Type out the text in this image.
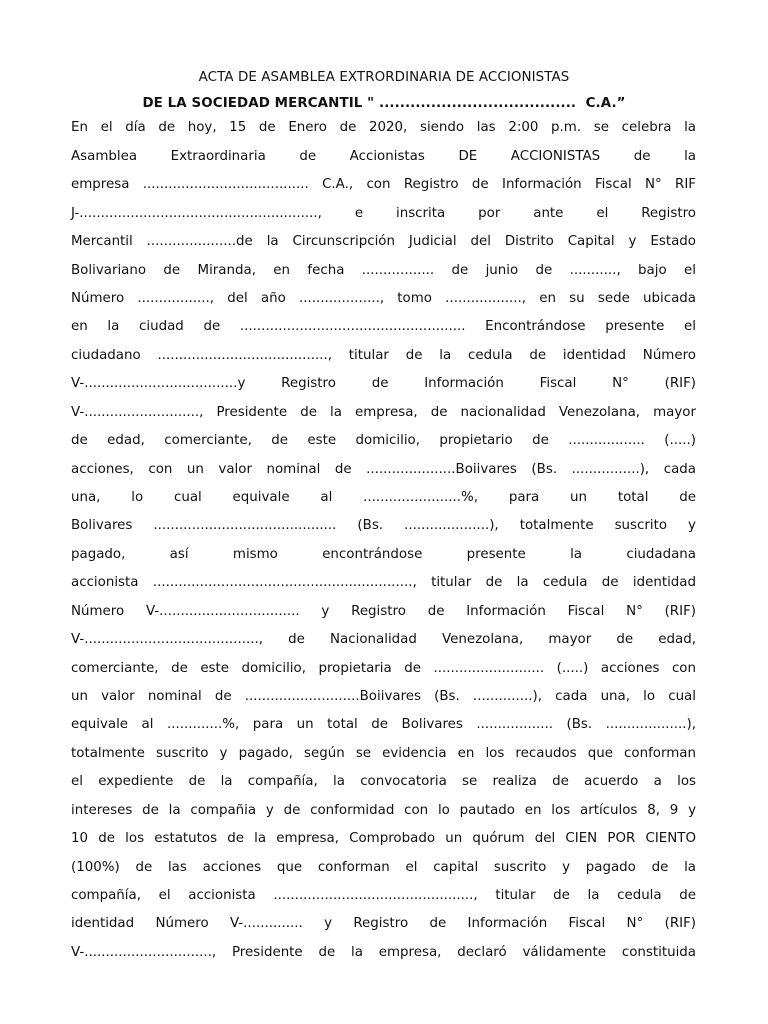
ACTA DE ASAMBLEA EXTRORDINARIA DE ACCIONISTAS
DE LA SOCIEDAD MERCANTIL " ......................................  C.A.”
En el día de hoy, 15 de Enero de 2020, siendo las 2:00 p.m. se celebra la
Asamblea Extraordinaria de Accionistas DE ACCIONISTAS de la
empresa ....................................... C.A., con Registro de Información Fiscal N° RIF
J-........................................................, e inscrita por ante el Registro
Mercantil .....................de la Circunscripción Judicial del Distrito Capital y Estado
Bolivariano de Miranda, en fecha ................. de junio de ..........., bajo el
Número ................., del año ..................., tomo .................., en su sede ubicada
en la ciudad de ..................................................... Encontrándose presente el
ciudadano ........................................, titular de la cedula de identidad Número
V-....................................y Registro de Información Fiscal N° (RIF)
V-..........................., Presidente de la empresa, de nacionalidad Venezolana, mayor
de edad, comerciante, de este domicilio, propietario de .................. (.....)
acciones, con un valor nominal de .....................Boiivares (Bs. ................), cada
una, lo cual equivale al .......................%, para un total de
Bolivares ........................................... (Bs. ....................), totalmente suscrito y
pagado, así mismo encontrándose presente la ciudadana
accionista ............................................................., titular de la cedula de identidad
Número V-................................. y Registro de Información Fiscal N° (RIF)
V-........................................., de Nacionalidad Venezolana, mayor de edad,
comerciante, de este domicilio, propietaria de .......................... (.....) acciones con
un valor nominal de ...........................Boiivares (Bs. ..............), cada una, lo cual
equivale al .............%, para un total de Bolivares .................. (Bs. ...................),
totalmente suscrito y pagado, según se evidencia en los recaudos que conforman
el expediente de la compañía, la convocatoria se realiza de acuerdo a los
intereses de la compañia y de conformidad con lo pautado en los artículos 8, 9 y
10 de los estatutos de la empresa, Comprobado un quórum del CIEN POR CIENTO
(100%) de las acciones que conforman el capital suscrito y pagado de la
compañía, el accionista ..............................................., titular de la cedula de
identidad Número V-.............. y Registro de Información Fiscal N° (RIF)
V-.............................., Presidente de la empresa, declaró válidamente constituida
